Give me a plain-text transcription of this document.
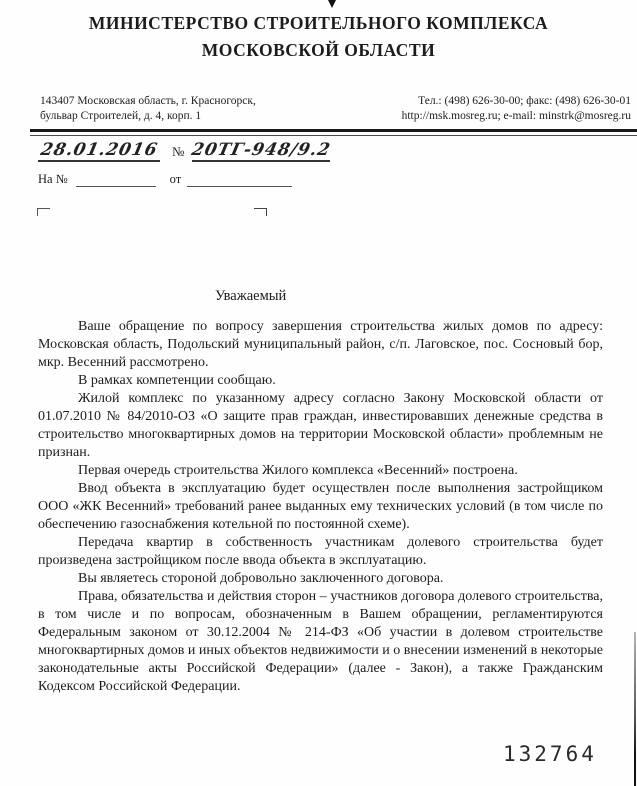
МИНИСТЕРСТВО СТРОИТЕЛЬНОГО КОМПЛЕКСА
МОСКОВСКОЙ ОБЛАСТИ
143407 Московская область, г. Красногорск,
бульвар Строителей, д. 4, корп. 1
Тел.: (498) 626-30-00; факс: (498) 626-30-01
http://msk.mosreg.ru; e-mail: minstrk@mosreg.ru
28.01.2016 № 20ТГ-948/9.2
На №	от
Уважаемый

Ваше обращение по вопросу завершения строительства жилых домов по адресу: Московская область, Подольский муниципальный район, с/п. Лаговское, пос. Сосновый бор, мкр. Весенний рассмотрено.

В рамках компетенции сообщаю.

Жилой комплекс по указанному адресу согласно Закону Московской области от 01.07.2010 № 84/2010-ОЗ «О защите прав граждан, инвестировавших денежные средства в строительство многоквартирных домов на территории Московской области» проблемным не признан.

Первая очередь строительства Жилого комплекса «Весенний» построена.

Ввод объекта в эксплуатацию будет осуществлен после выполнения застройщиком ООО «ЖК Весенний» требований ранее выданных ему технических условий (в том числе по обеспечению газоснабжения котельной по постоянной схеме).

Передача квартир в собственность участникам долевого строительства будет произведена застройщиком после ввода объекта в эксплуатацию.

Вы являетесь стороной добровольно заключенного договора.

Права, обязательства и действия сторон – участников договора долевого строительства, в том числе и по вопросам, обозначенным в Вашем обращении, регламентируются Федеральным законом от 30.12.2004 № 214-ФЗ «Об участии в долевом строительстве многоквартирных домов и иных объектов недвижимости и о внесении изменений в некоторые законодательные акты Российской Федерации» (далее - Закон), а также Гражданским Кодексом Российской Федерации.

132764
